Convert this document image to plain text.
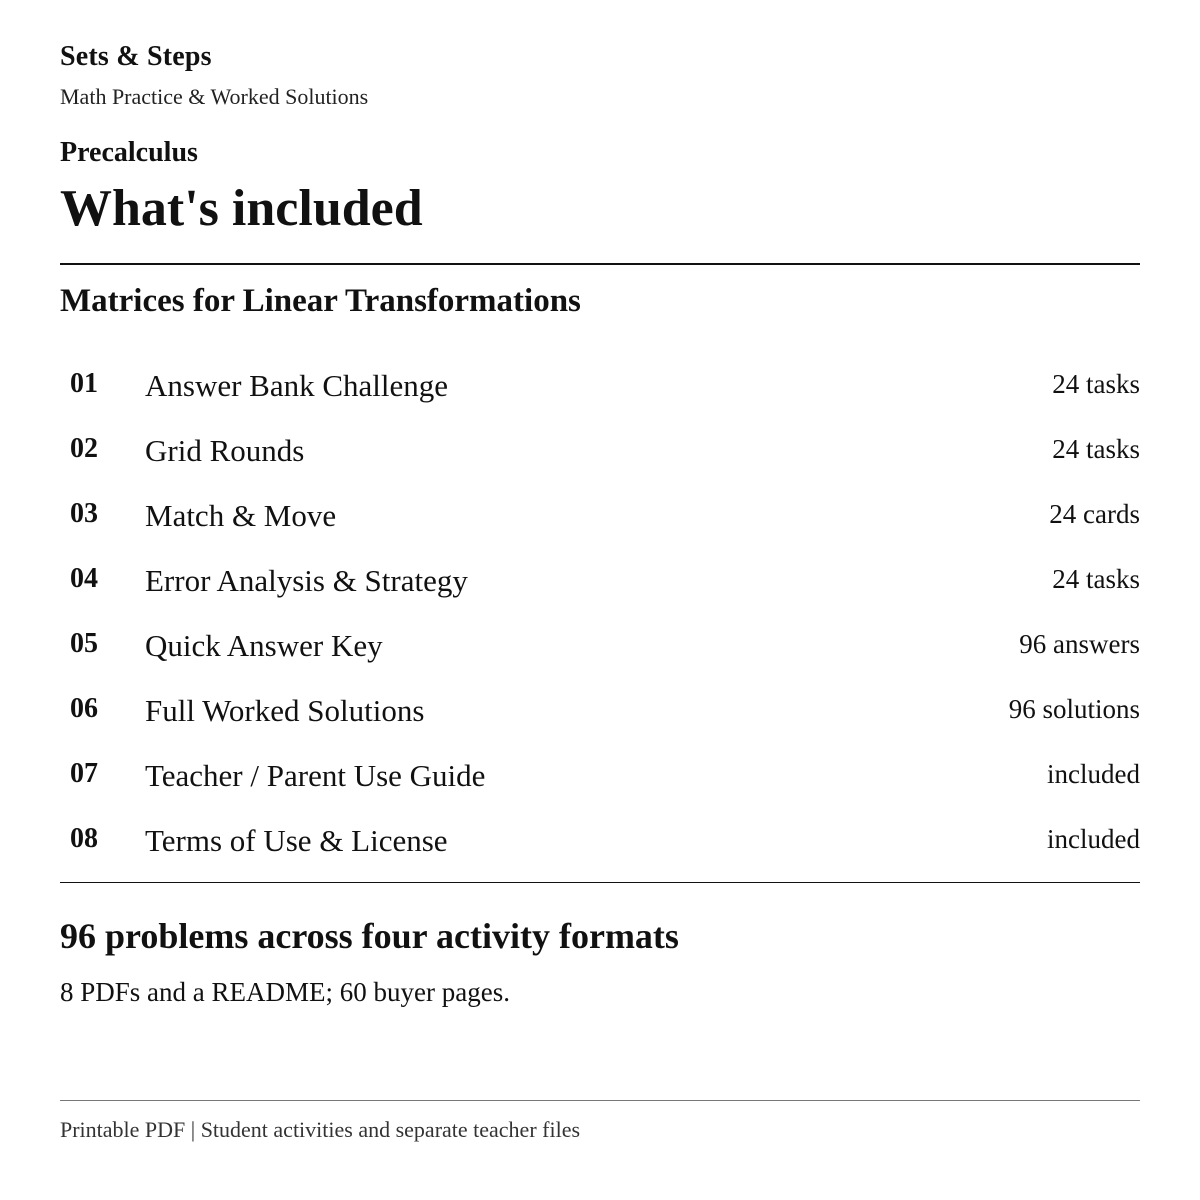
Sets & Steps
Math Practice & Worked Solutions
Precalculus
What's included
Matrices for Linear Transformations
01 Answer Bank Challenge	24 tasks
02 Grid Rounds	24 tasks
03 Match & Move	24 cards
04 Error Analysis & Strategy	24 tasks
05 Quick Answer Key	96 answers
06 Full Worked Solutions	96 solutions
07 Teacher / Parent Use Guide	included
08 Terms of Use & License	included
96 problems across four activity formats

8 PDFs and a README; 60 buyer pages.

Printable PDF | Student activities and separate teacher files
